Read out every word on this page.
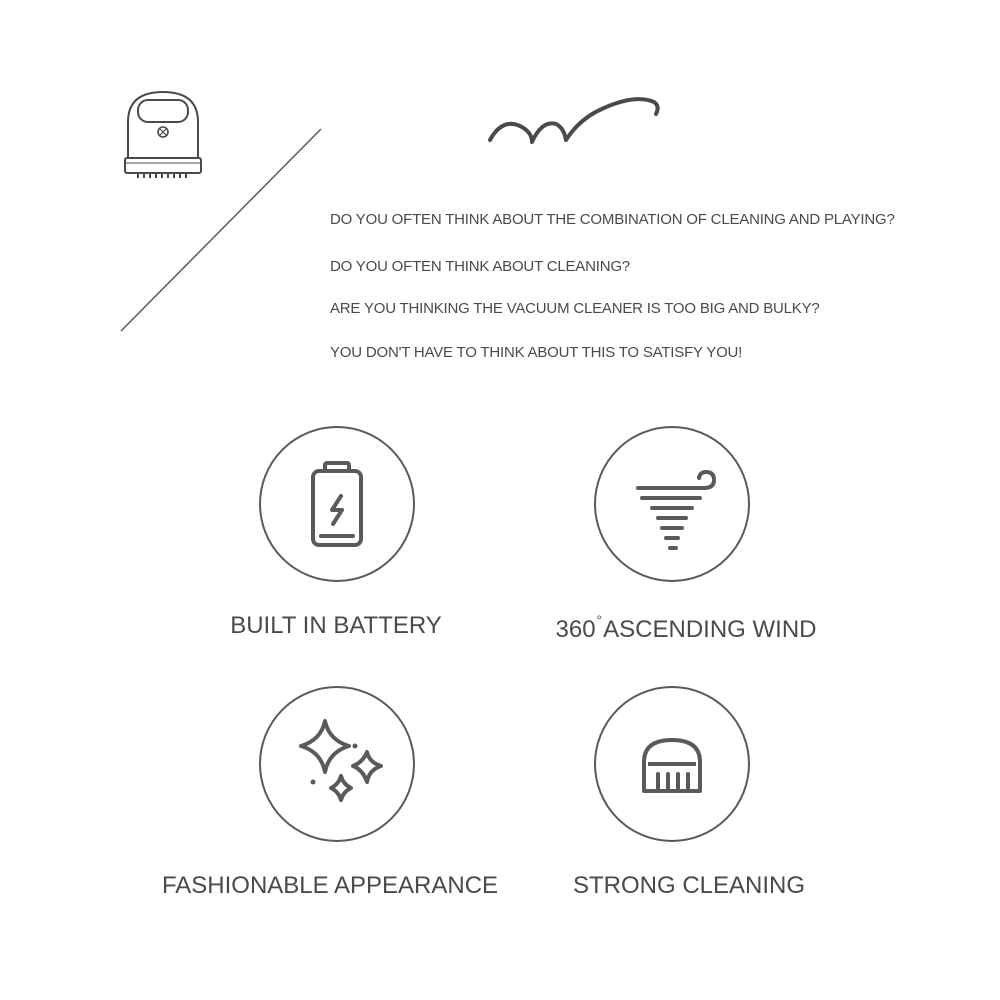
DO YOU OFTEN THINK ABOUT THE COMBINATION OF CLEANING AND PLAYING?
DO YOU OFTEN THINK ABOUT CLEANING?
ARE YOU THINKING THE VACUUM CLEANER IS TOO BIG AND BULKY?
YOU DON'T HAVE TO THINK ABOUT THIS TO SATISFY YOU!
BUILT IN BATTERY	360°ASCENDING WIND
FASHIONABLE APPEARANCE	STRONG CLEANING
